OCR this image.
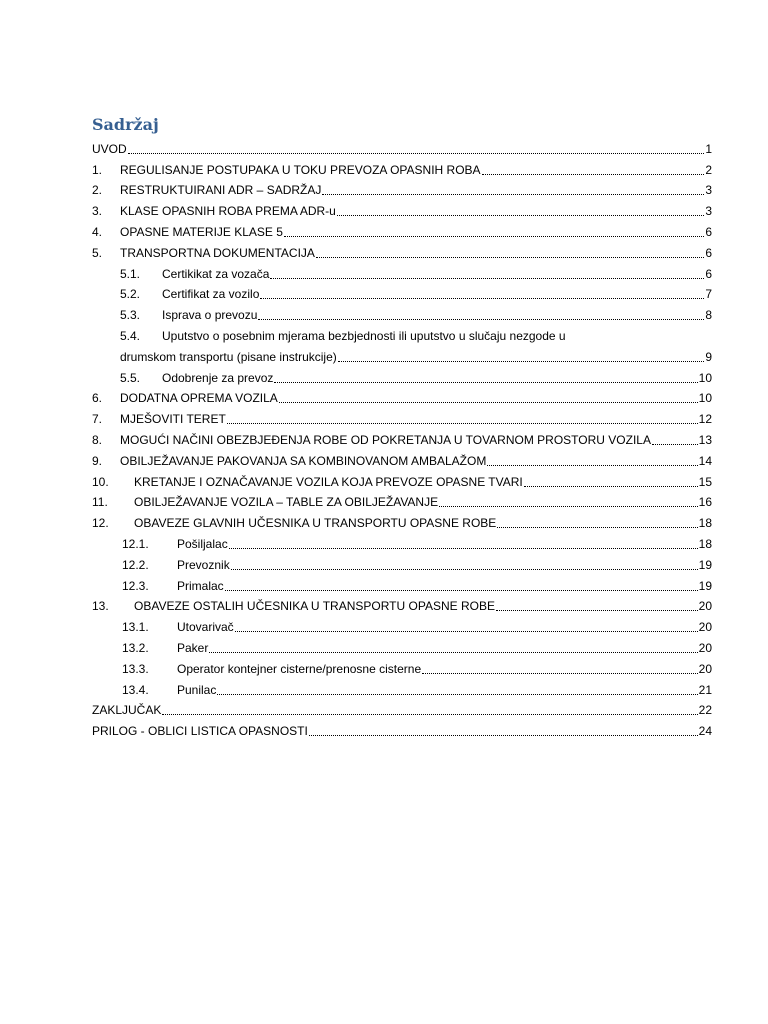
Sadržaj
UVOD	1
1.	REGULISANJE POSTUPAKA U TOKU PREVOZA OPASNIH ROBA	2
2.	RESTRUKTUIRANI ADR – SADRŽAJ	3
3.	KLASE OPASNIH ROBA PREMA ADR-u	3
4.	OPASNE MATERIJE KLASE 5	6
5.	TRANSPORTNA DOKUMENTACIJA	6
5.1.	Certikikat za vozača	6
5.2.	Certifikat za vozilo	7
5.3.	Isprava o prevozu	8
5.4.	Uputstvo o posebnim mjerama bezbjednosti ili uputstvo u slučaju nezgode u
drumskom transportu (pisane instrukcije)	9
5.5.	Odobrenje za prevoz	10
6.	DODATNA OPREMA VOZILA	10
7.	MJEŠOVITI TERET	12
8.	MOGUĆI NAČINI OBEZBJEĐENJA ROBE OD POKRETANJA U TOVARNOM PROSTORU VOZILA	13
9.	OBILJEŽAVANJE PAKOVANJA SA KOMBINOVANOM AMBALAŽOM	14
10.	KRETANJE I OZNAČAVANJE VOZILA KOJA PREVOZE OPASNE TVARI	15
11.	OBILJEŽAVANJE VOZILA – TABLE ZA OBILJEŽAVANJE	16
12.	OBAVEZE GLAVNIH UČESNIKA U TRANSPORTU OPASNE ROBE	18
12.1.	Pošiljalac	18
12.2.	Prevoznik	19
12.3.	Primalac	19
13.	OBAVEZE OSTALIH UČESNIKA U TRANSPORTU OPASNE ROBE	20
13.1.	Utovarivač	20
13.2.	Paker	20
13.3.	Operator kontejner cisterne/prenosne cisterne	20
13.4.	Punilac	21
ZAKLJUČAK	22
PRILOG - OBLICI LISTICA OPASNOSTI	24
